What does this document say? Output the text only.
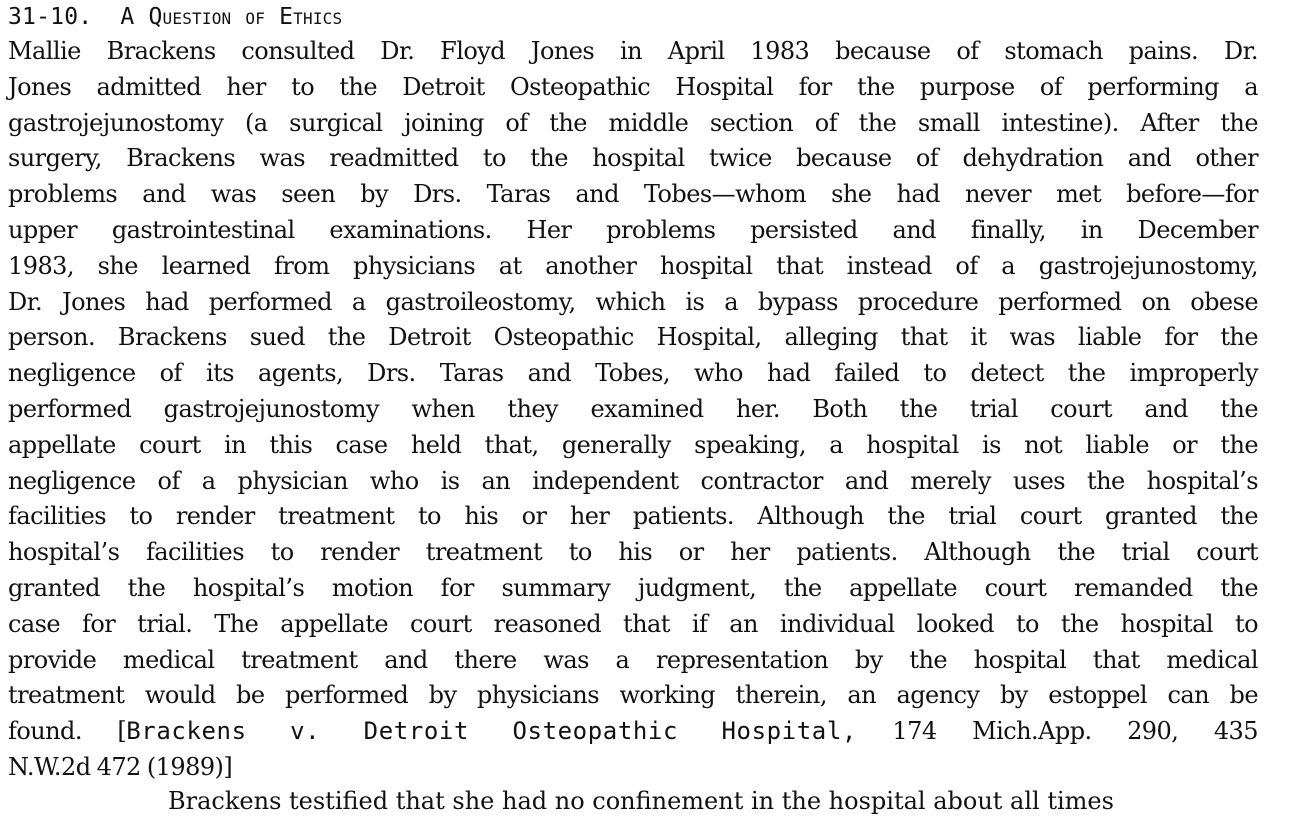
31-10. A Question of Ethics
Mallie Brackens consulted Dr. Floyd Jones in April 1983 because of stomach pains. Dr.
Jones admitted her to the Detroit Osteopathic Hospital for the purpose of performing a
gastrojejunostomy (a surgical joining of the middle section of the small intestine). After the
surgery, Brackens was readmitted to the hospital twice because of dehydration and other
problems and was seen by Drs. Taras and Tobes—whom she had never met before—for
upper gastrointestinal examinations. Her problems persisted and finally, in December
1983, she learned from physicians at another hospital that instead of a gastrojejunostomy,
Dr. Jones had performed a gastroileostomy, which is a bypass procedure performed on obese
person. Brackens sued the Detroit Osteopathic Hospital, alleging that it was liable for the
negligence of its agents, Drs. Taras and Tobes, who had failed to detect the improperly
performed gastrojejunostomy when they examined her. Both the trial court and the
appellate court in this case held that, generally speaking, a hospital is not liable or the
negligence of a physician who is an independent contractor and merely uses the hospital’s
facilities to render treatment to his or her patients. Although the trial court granted the
hospital’s facilities to render treatment to his or her patients. Although the trial court
granted the hospital’s motion for summary judgment, the appellate court remanded the
case for trial. The appellate court reasoned that if an individual looked to the hospital to
provide medical treatment and there was a representation by the hospital that medical
treatment would be performed by physicians working therein, an agency by estoppel can be
found. [Brackens v. Detroit Osteopathic Hospital, 174 Mich.App. 290, 435
N.W.2d 472 (1989)]
Brackens testified that she had no confinement in the hospital about all times
